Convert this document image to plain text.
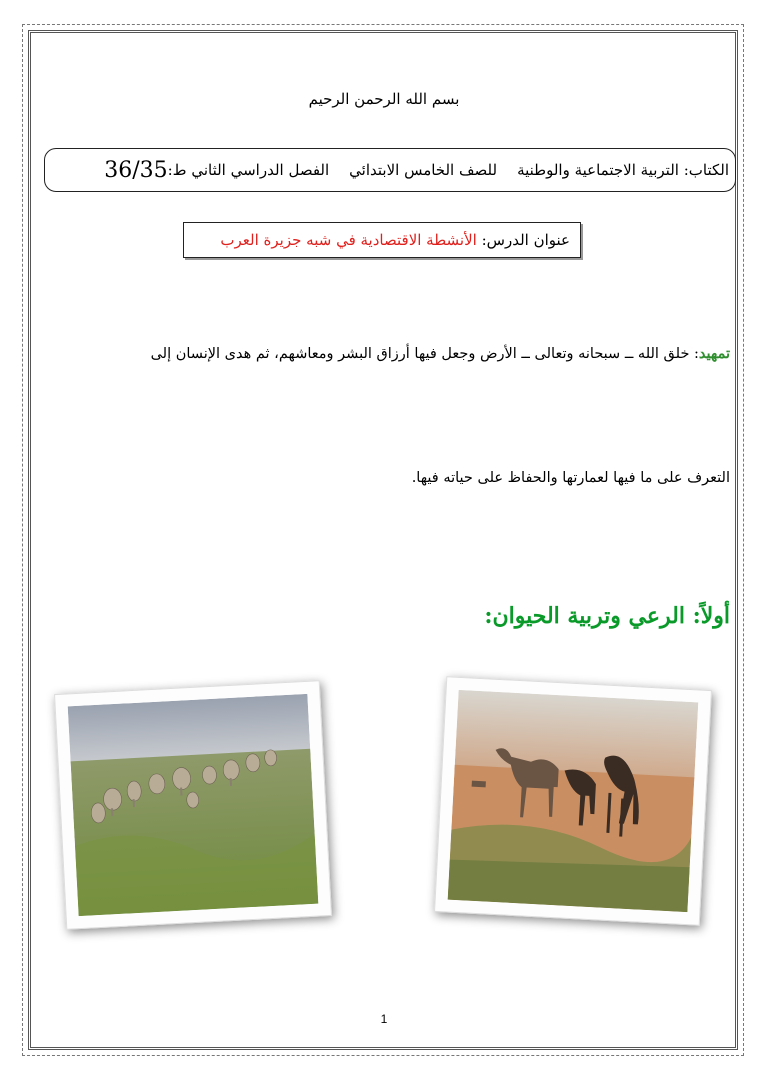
بسم الله الرحمن الرحيم
الكتاب: التربية الاجتماعية والوطنية
للصف الخامس الابتدائي
الفصل الدراسي الثاني ط:
36/35
عنوان الدرس:

الأنشطة الاقتصادية في شبه جزيرة العرب
تمهيد: خلق الله ــ سبحانه وتعالى ــ الأرض وجعل فيها أرزاق البشر ومعاشهم، ثم هدى الإنسان إلى
التعرف على ما فيها لعمارتها والحفاظ على حياته فيها.
أولاً: الرعي وتربية الحيوان:
1
